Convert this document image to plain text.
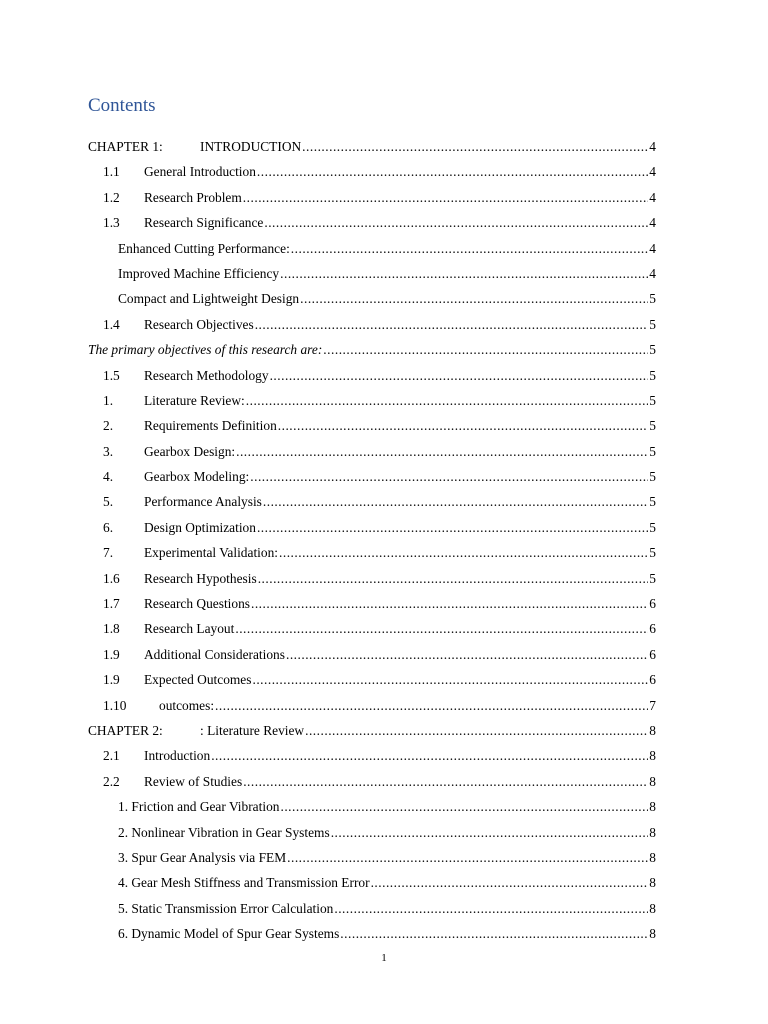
Contents
CHAPTER 1:	INTRODUCTION .....	4
1.1	General Introduction .....	4
1.2	Research Problem .....	4
1.3	Research Significance .....	4
Enhanced Cutting Performance: .....	4
Improved Machine Efficiency .....	4
Compact and Lightweight Design .....	5
1.4	Research Objectives .....	5
The primary objectives of this research are: .....	5
1.5	Research Methodology .....	5
1.	Literature Review: .....	5
2.	Requirements Definition .....	5
3.	Gearbox Design: .....	5
4.	Gearbox Modeling: .....	5
5.	Performance Analysis .....	5
6.	Design Optimization .....	5
7.	Experimental Validation: .....	5
1.6	Research Hypothesis .....	5
1.7	Research Questions .....	6
1.8	Research Layout .....	6
1.9	Additional Considerations .....	6
1.9	Expected Outcomes .....	6
1.10	outcomes: .....	7
CHAPTER 2:	: Literature Review .....	8
2.1	Introduction .....	8
2.2	Review of Studies .....	8
1. Friction and Gear Vibration .....	8
2. Nonlinear Vibration in Gear Systems .....	8
3. Spur Gear Analysis via FEM .....	8
4. Gear Mesh Stiffness and Transmission Error .....	8
5. Static Transmission Error Calculation .....	8
6. Dynamic Model of Spur Gear Systems .....	8
1
